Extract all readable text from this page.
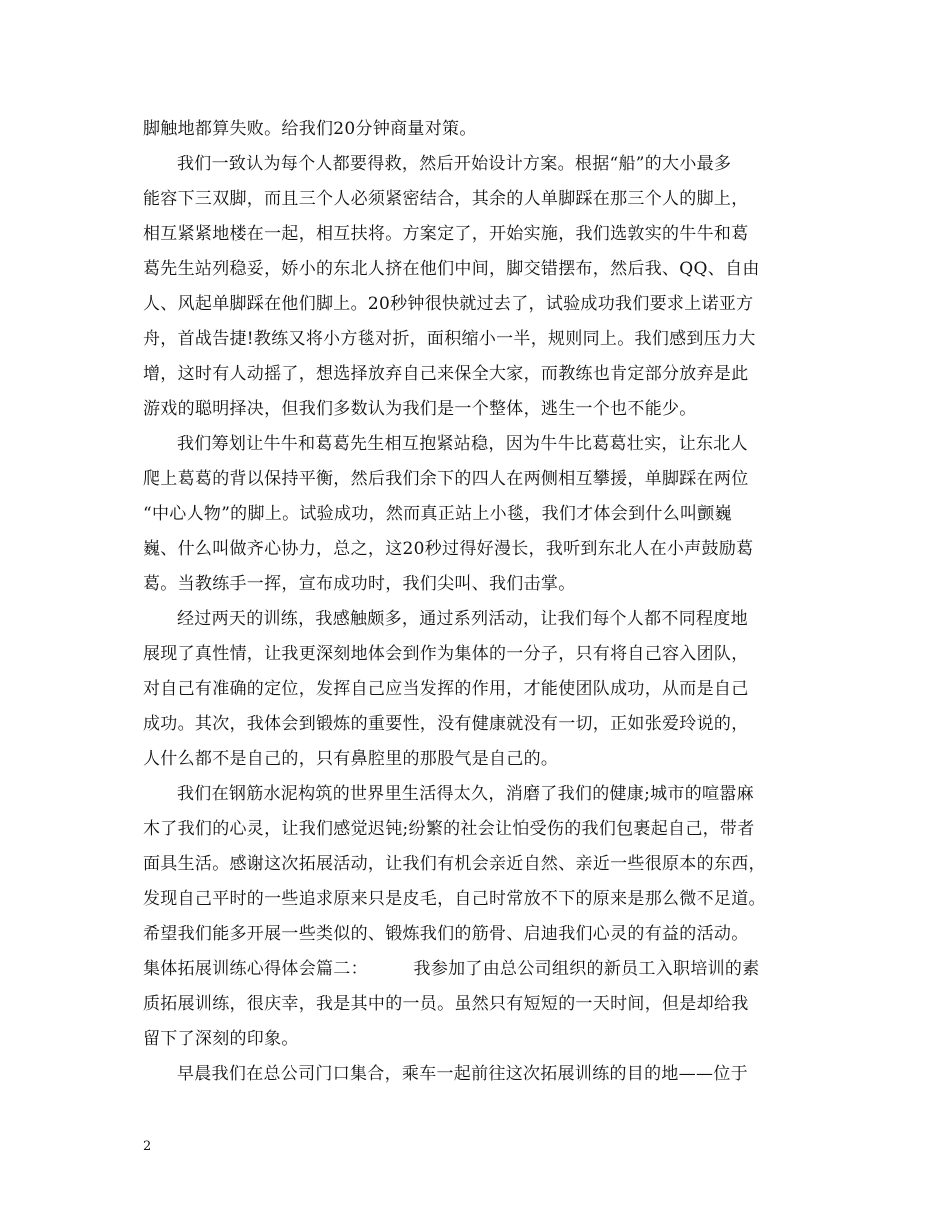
脚触地都算失败。给我们20分钟商量对策。
我们一致认为每个人都要得救，然后开始设计方案。根据“船”的大小最多
能容下三双脚，而且三个人必须紧密结合，其余的人单脚踩在那三个人的脚上，
相互紧紧地楼在一起，相互扶将。方案定了，开始实施，我们选敦实的牛牛和葛
葛先生站列稳妥，娇小的东北人挤在他们中间，脚交错摆布，然后我、QQ、自由
人、风起单脚踩在他们脚上。20秒钟很快就过去了，试验成功我们要求上诺亚方
舟，首战告捷!教练又将小方毯对折，面积缩小一半，规则同上。我们感到压力大
增，这时有人动摇了，想选择放弃自己来保全大家，而教练也肯定部分放弃是此
游戏的聪明择决，但我们多数认为我们是一个整体，逃生一个也不能少。
我们筹划让牛牛和葛葛先生相互抱紧站稳，因为牛牛比葛葛壮实，让东北人
爬上葛葛的背以保持平衡，然后我们余下的四人在两侧相互攀援，单脚踩在两位
“中心人物”的脚上。试验成功，然而真正站上小毯，我们才体会到什么叫颤巍
巍、什么叫做齐心协力，总之，这20秒过得好漫长，我听到东北人在小声鼓励葛
葛。当教练手一挥，宣布成功时，我们尖叫、我们击掌。
经过两天的训练，我感触颇多，通过系列活动，让我们每个人都不同程度地
展现了真性情，让我更深刻地体会到作为集体的一分子，只有将自己容入团队，
对自己有准确的定位，发挥自己应当发挥的作用，才能使团队成功，从而是自己
成功。其次，我体会到锻炼的重要性，没有健康就没有一切，正如张爱玲说的，
人什么都不是自己的，只有鼻腔里的那股气是自己的。
我们在钢筋水泥构筑的世界里生活得太久，消磨了我们的健康;城市的喧嚣麻
木了我们的心灵，让我们感觉迟钝;纷繁的社会让怕受伤的我们包裹起自己，带者
面具生活。感谢这次拓展活动，让我们有机会亲近自然、亲近一些很原本的东西，
发现自己平时的一些追求原来只是皮毛，自己时常放不下的原来是那么微不足道。
希望我们能多开展一些类似的、锻炼我们的筋骨、启迪我们心灵的有益的活动。
集体拓展训练心得体会篇二：        我参加了由总公司组织的新员工入职培训的素
质拓展训练，很庆幸，我是其中的一员。虽然只有短短的一天时间，但是却给我
留下了深刻的印象。
早晨我们在总公司门口集合，乘车一起前往这次拓展训练的目的地——位于
2
